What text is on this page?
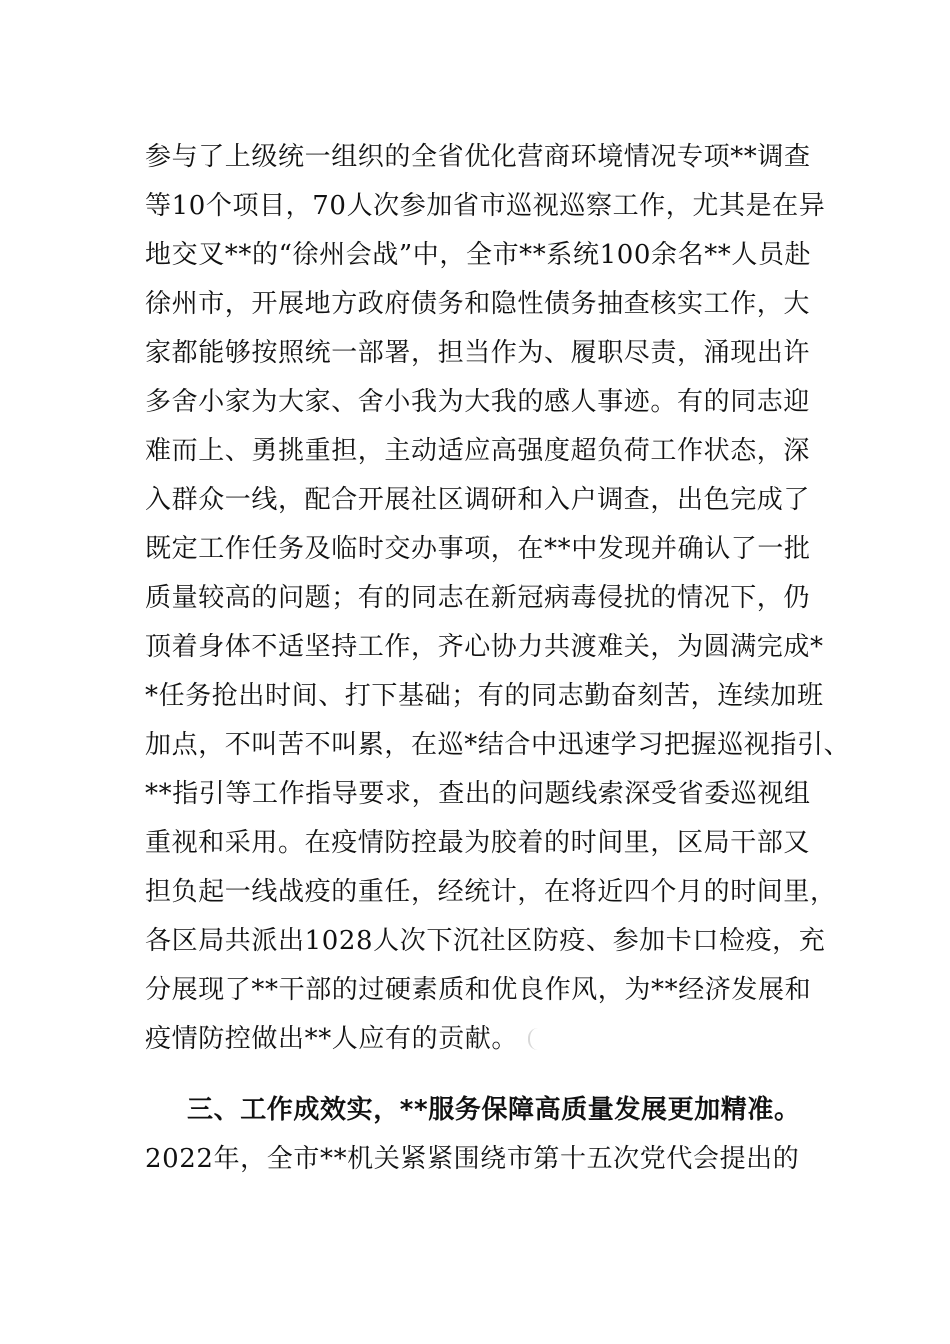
参与了上级统一组织的全省优化营商环境情况专项**调查
等10个项目，70人次参加省市巡视巡察工作，尤其是在异
地交叉**的“徐州会战”中，全市**系统100余名**人员赴
徐州市，开展地方政府债务和隐性债务抽查核实工作，大
家都能够按照统一部署，担当作为、履职尽责，涌现出许
多舍小家为大家、舍小我为大我的感人事迹。有的同志迎
难而上、勇挑重担，主动适应高强度超负荷工作状态，深
入群众一线，配合开展社区调研和入户调查，出色完成了
既定工作任务及临时交办事项，在**中发现并确认了一批
质量较高的问题；有的同志在新冠病毒侵扰的情况下，仍
顶着身体不适坚持工作，齐心协力共渡难关，为圆满完成*
*任务抢出时间、打下基础；有的同志勤奋刻苦，连续加班
加点，不叫苦不叫累，在巡*结合中迅速学习把握巡视指引、
**指引等工作指导要求，查出的问题线索深受省委巡视组
重视和采用。在疫情防控最为胶着的时间里，区局干部又
担负起一线战疫的重任，经统计，在将近四个月的时间里，
各区局共派出1028人次下沉社区防疫、参加卡口检疫，充
分展现了**干部的过硬素质和优良作风，为**经济发展和
疫情防控做出**人应有的贡献。
三、工作成效实，**服务保障高质量发展更加精准。
2022年，全市**机关紧紧围绕市第十五次党代会提出的
